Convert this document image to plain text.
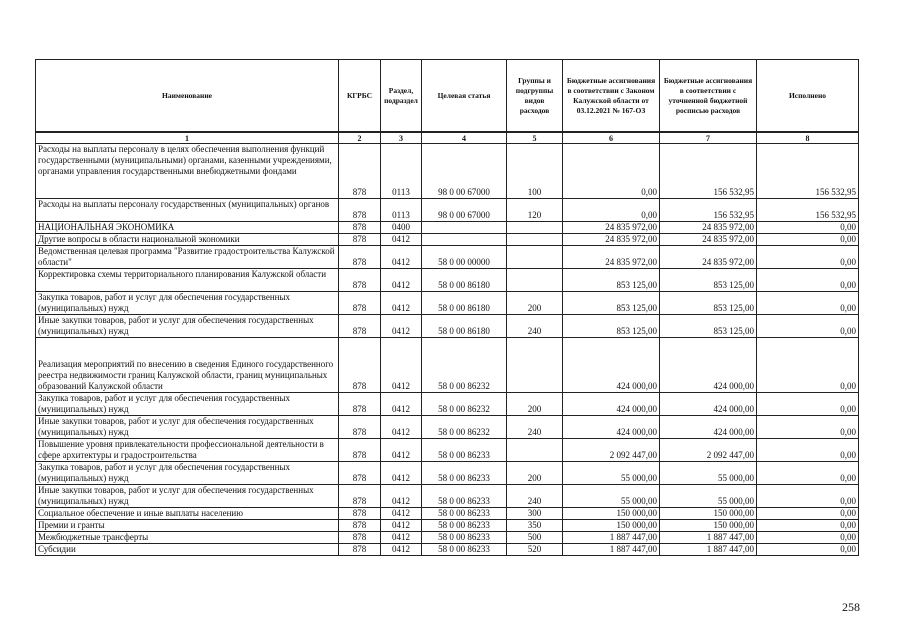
Наименование	КГРБС	Раздел, подраздел	Целевая статья	Группы и подгруппы видов расходов	Бюджетные ассигнования в соответствии с Законом Калужской области от 03.12.2021 № 167-ОЗ	Бюджетные ассигнования в соответствии с уточненной бюджетной росписью расходов	Исполнено
1	2	3	4	5	6	7	8
Расходы на выплаты персоналу в целях обеспечения выполнения функций государственными (муниципальными) органами, казенными учреждениями, органами управления государственными внебюджетными фондами	878	0113	98 0 00 67000	100	0,00	156 532,95	156 532,95
Расходы на выплаты персоналу государственных (муниципальных) органов	878	0113	98 0 00 67000	120	0,00	156 532,95	156 532,95
НАЦИОНАЛЬНАЯ ЭКОНОМИКА	878	0400			24 835 972,00	24 835 972,00	0,00
Другие вопросы в области национальной экономики	878	0412			24 835 972,00	24 835 972,00	0,00
Ведомственная целевая программа "Развитие градостроительства Калужской области"	878	0412	58 0 00 00000		24 835 972,00	24 835 972,00	0,00
Корректировка схемы территориального планирования Калужской области	878	0412	58 0 00 86180		853 125,00	853 125,00	0,00
Закупка товаров, работ и услуг для обеспечения государственных (муниципальных) нужд	878	0412	58 0 00 86180	200	853 125,00	853 125,00	0,00
Иные закупки товаров, работ и услуг для обеспечения государственных (муниципальных) нужд	878	0412	58 0 00 86180	240	853 125,00	853 125,00	0,00
Реализация мероприятий по внесению в сведения Единого государственного реестра недвижимости границ Калужской области, границ муниципальных образований Калужской области	878	0412	58 0 00 86232		424 000,00	424 000,00	0,00
Закупка товаров, работ и услуг для обеспечения государственных (муниципальных) нужд	878	0412	58 0 00 86232	200	424 000,00	424 000,00	0,00
Иные закупки товаров, работ и услуг для обеспечения государственных (муниципальных) нужд	878	0412	58 0 00 86232	240	424 000,00	424 000,00	0,00
Повышение уровня привлекательности профессиональной деятельности в сфере архитектуры и градостроительства	878	0412	58 0 00 86233		2 092 447,00	2 092 447,00	0,00
Закупка товаров, работ и услуг для обеспечения государственных (муниципальных) нужд	878	0412	58 0 00 86233	200	55 000,00	55 000,00	0,00
Иные закупки товаров, работ и услуг для обеспечения государственных (муниципальных) нужд	878	0412	58 0 00 86233	240	55 000,00	55 000,00	0,00
Социальное обеспечение и иные выплаты населению	878	0412	58 0 00 86233	300	150 000,00	150 000,00	0,00
Премии и гранты	878	0412	58 0 00 86233	350	150 000,00	150 000,00	0,00
Межбюджетные трансферты	878	0412	58 0 00 86233	500	1 887 447,00	1 887 447,00	0,00
Субсидии	878	0412	58 0 00 86233	520	1 887 447,00	1 887 447,00	0,00
258
